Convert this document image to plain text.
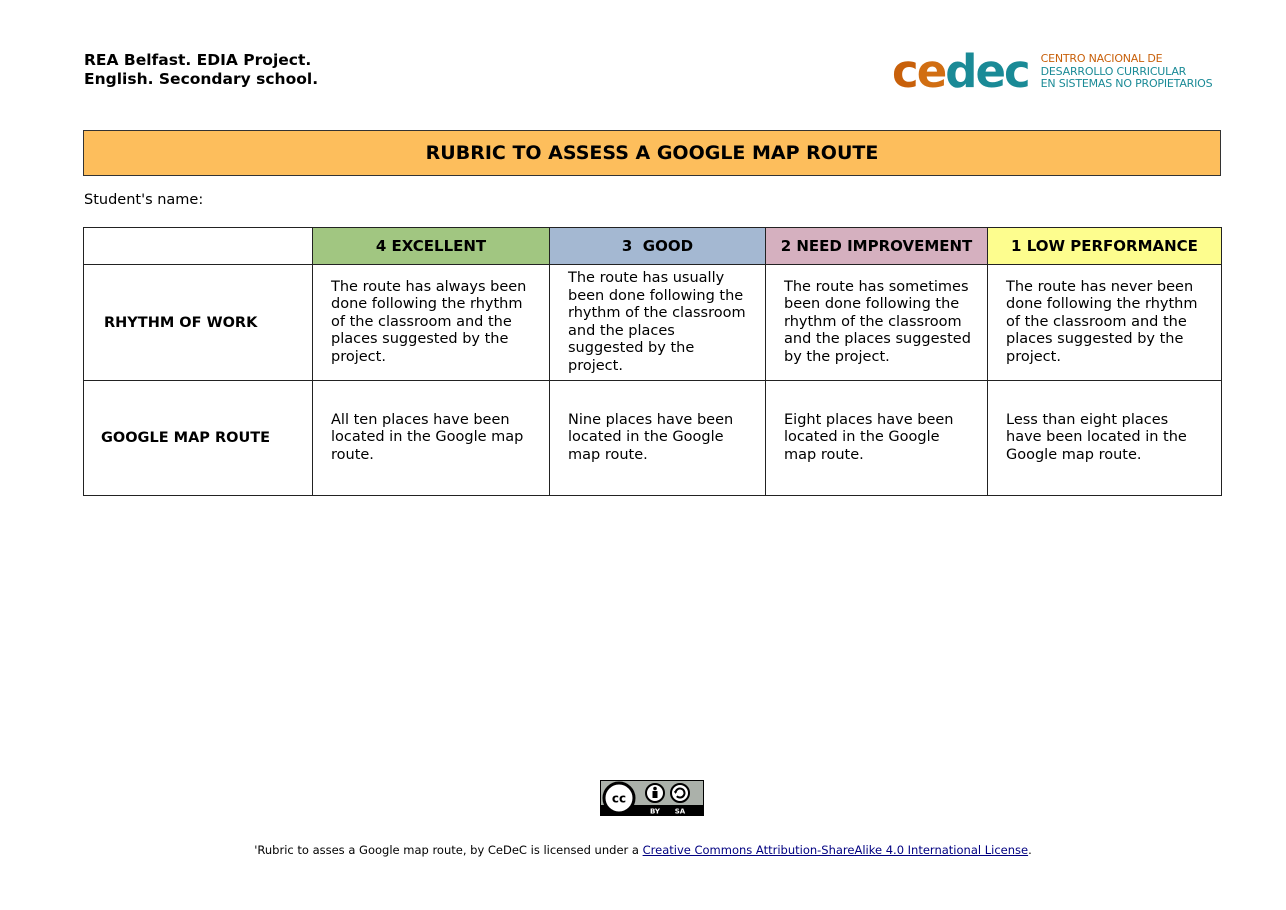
REA Belfast. EDIA Project.
English. Secondary school.	cedec CENTRO NACIONAL DE
DESARROLLO CURRICULAR
EN SISTEMAS NO PROPIETARIOS
RUBRIC TO ASSESS A GOOGLE MAP ROUTE
Student's name:
	4 EXCELLENT	3  GOOD	2 NEED IMPROVEMENT	1 LOW PERFORMANCE
RHYTHM OF WORK	The route has always been done following the rhythm of the classroom and the places suggested by the project.	The route has usually been done following the rhythm of the classroom and the places suggested by the project.	The route has sometimes been done following the rhythm of the classroom and the places suggested by the project.	The route has never been done following the rhythm of the classroom and the places suggested by the project.
GOOGLE MAP ROUTE	All ten places have been located in the Google map route.	Nine places have been located in the Google map route.	Eight places have been located in the Google map route.	Less than eight places have been located in the Google map route.
cc
BY SA
'Rubric to asses a Google map route, by CeDeC is licensed under a Creative Commons Attribution-ShareAlike 4.0 International License.
